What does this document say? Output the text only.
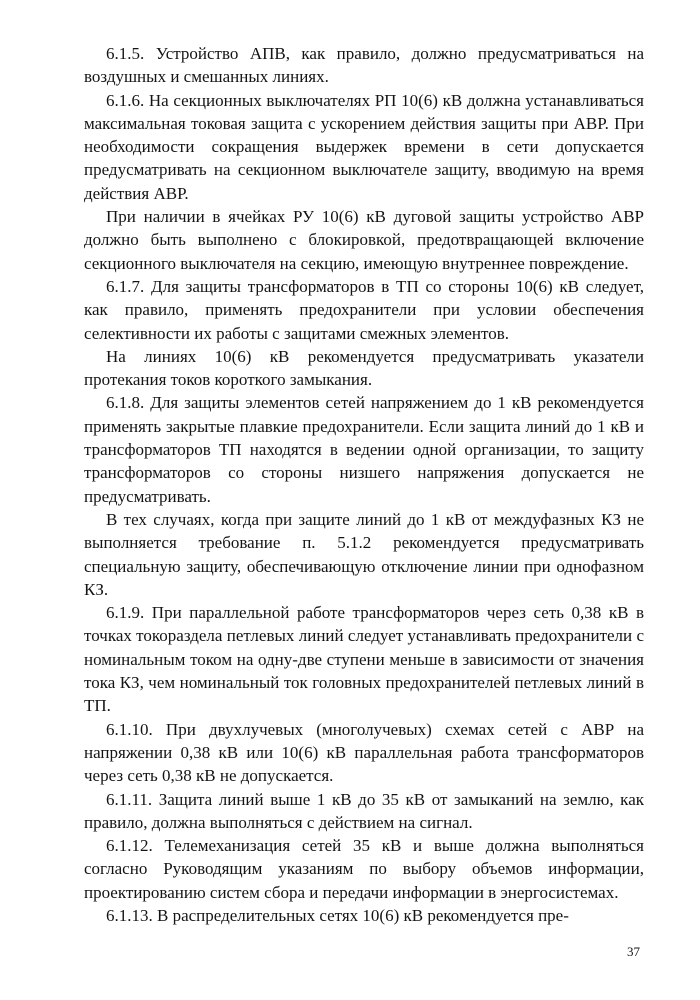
6.1.5. Устройство АПВ, как правило, должно предусматриваться на воздушных и смешанных линиях.

6.1.6. На секционных выключателях РП 10(6) кВ должна устанавливаться максимальная токовая защита с ускорением действия защиты при АВР. При необходимости сокращения выдержек времени в сети допускается предусматривать на секционном выключателе защиту, вводимую на время действия АВР.

При наличии в ячейках РУ 10(6) кВ дуговой защиты устройство АВР должно быть выполнено с блокировкой, предотвращающей включение секционного выключателя на секцию, имеющую внутреннее повреждение.

6.1.7. Для защиты трансформаторов в ТП со стороны 10(6) кВ следует, как правило, применять предохранители при условии обеспечения селективности их работы с защитами смежных элементов.

На линиях 10(6) кВ рекомендуется предусматривать указатели протекания токов короткого замыкания.

6.1.8. Для защиты элементов сетей напряжением до 1 кВ рекомендуется применять закрытые плавкие предохранители. Если защита линий до 1 кВ и трансформаторов ТП находятся в ведении одной организации, то защиту трансформаторов со стороны низшего напряжения допускается не предусматривать.

В тех случаях, когда при защите линий до 1 кВ от междуфазных КЗ не выполняется требование п. 5.1.2 рекомендуется предусматривать специальную защиту, обеспечивающую отключение линии при однофазном КЗ.

6.1.9. При параллельной работе трансформаторов через сеть 0,38 кВ в точках токораздела петлевых линий следует устанавливать предохранители с номинальным током на одну-две ступени меньше в зависимости от значения тока КЗ, чем номинальный ток головных предохранителей петлевых линий в ТП.

6.1.10. При двухлучевых (многолучевых) схемах сетей с АВР на напряжении 0,38 кВ или 10(6) кВ параллельная работа трансформаторов через сеть 0,38 кВ не допускается.

6.1.11. Защита линий выше 1 кВ до 35 кВ от замыканий на землю, как правило, должна выполняться с действием на сигнал.

6.1.12. Телемеханизация сетей 35 кВ и выше должна выполняться согласно Руководящим указаниям по выбору объемов информации, проектированию систем сбора и передачи информации в энергосистемах.

6.1.13. В распределительных сетях 10(6) кВ рекомендуется пре-

37
